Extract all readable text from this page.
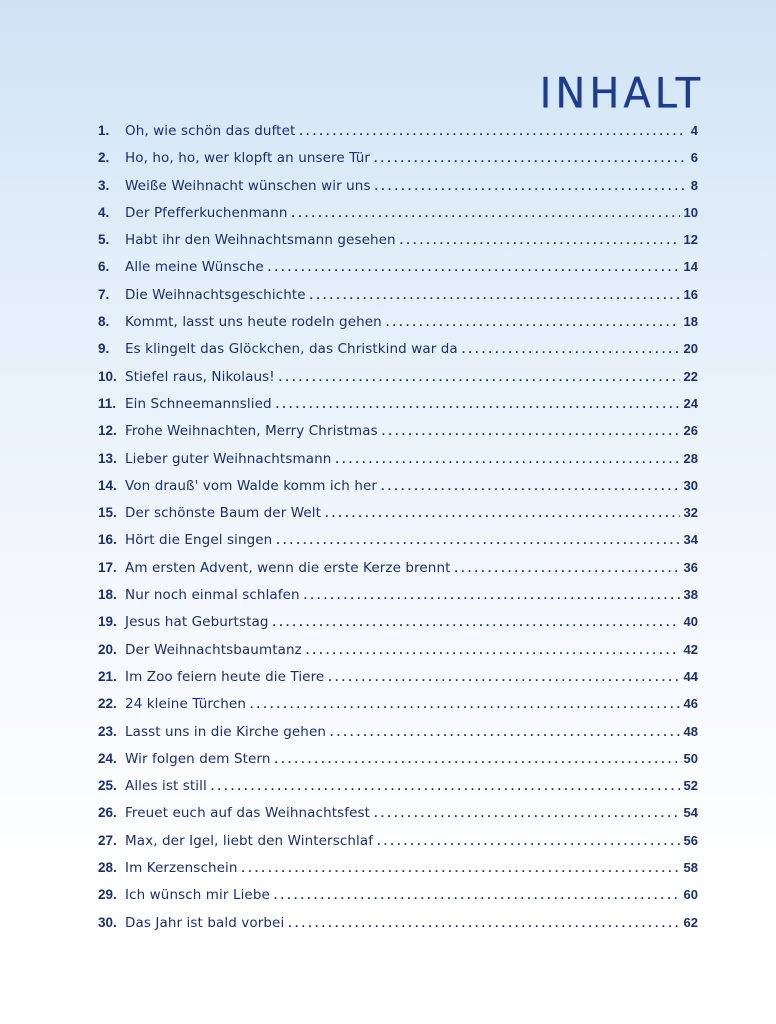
INHALT
1.	Oh, wie schön das duftet . . .	4
2.	Ho, ho, ho, wer klopft an unsere Tür . . .	6
3.	Weiße Weihnacht wünschen wir uns . . .	8
4.	Der Pfefferkuchenmann . . .	10
5.	Habt ihr den Weihnachtsmann gesehen . . .	12
6.	Alle meine Wünsche . . .	14
7.	Die Weihnachtsgeschichte . . .	16
8.	Kommt, lasst uns heute rodeln gehen . . .	18
9.	Es klingelt das Glöckchen, das Christkind war da . . .	20
10. Stiefel raus, Nikolaus! . . .	22
11. Ein Schneemannslied . . .	24
12. Frohe Weihnachten, Merry Christmas . . .	26
13. Lieber guter Weihnachtsmann . . .	28
14. Von drauß' vom Walde komm ich her . . .	30
15. Der schönste Baum der Welt . . .	32
16. Hört die Engel singen . . .	34
17. Am ersten Advent, wenn die erste Kerze brennt . . .	36
18. Nur noch einmal schlafen . . .	38
19. Jesus hat Geburtstag . . .	40
20. Der Weihnachtsbaumtanz . . .	42
21. Im Zoo feiern heute die Tiere . . .	44
22. 24 kleine Türchen . . .	46
23. Lasst uns in die Kirche gehen . . .	48
24. Wir folgen dem Stern . . .	50
25. Alles ist still . . .	52
26. Freuet euch auf das Weihnachtsfest . . .	54
27. Max, der Igel, liebt den Winterschlaf . . .	56
28. Im Kerzenschein . . .	58
29. Ich wünsch mir Liebe . . .	60
30. Das Jahr ist bald vorbei . . .	62
